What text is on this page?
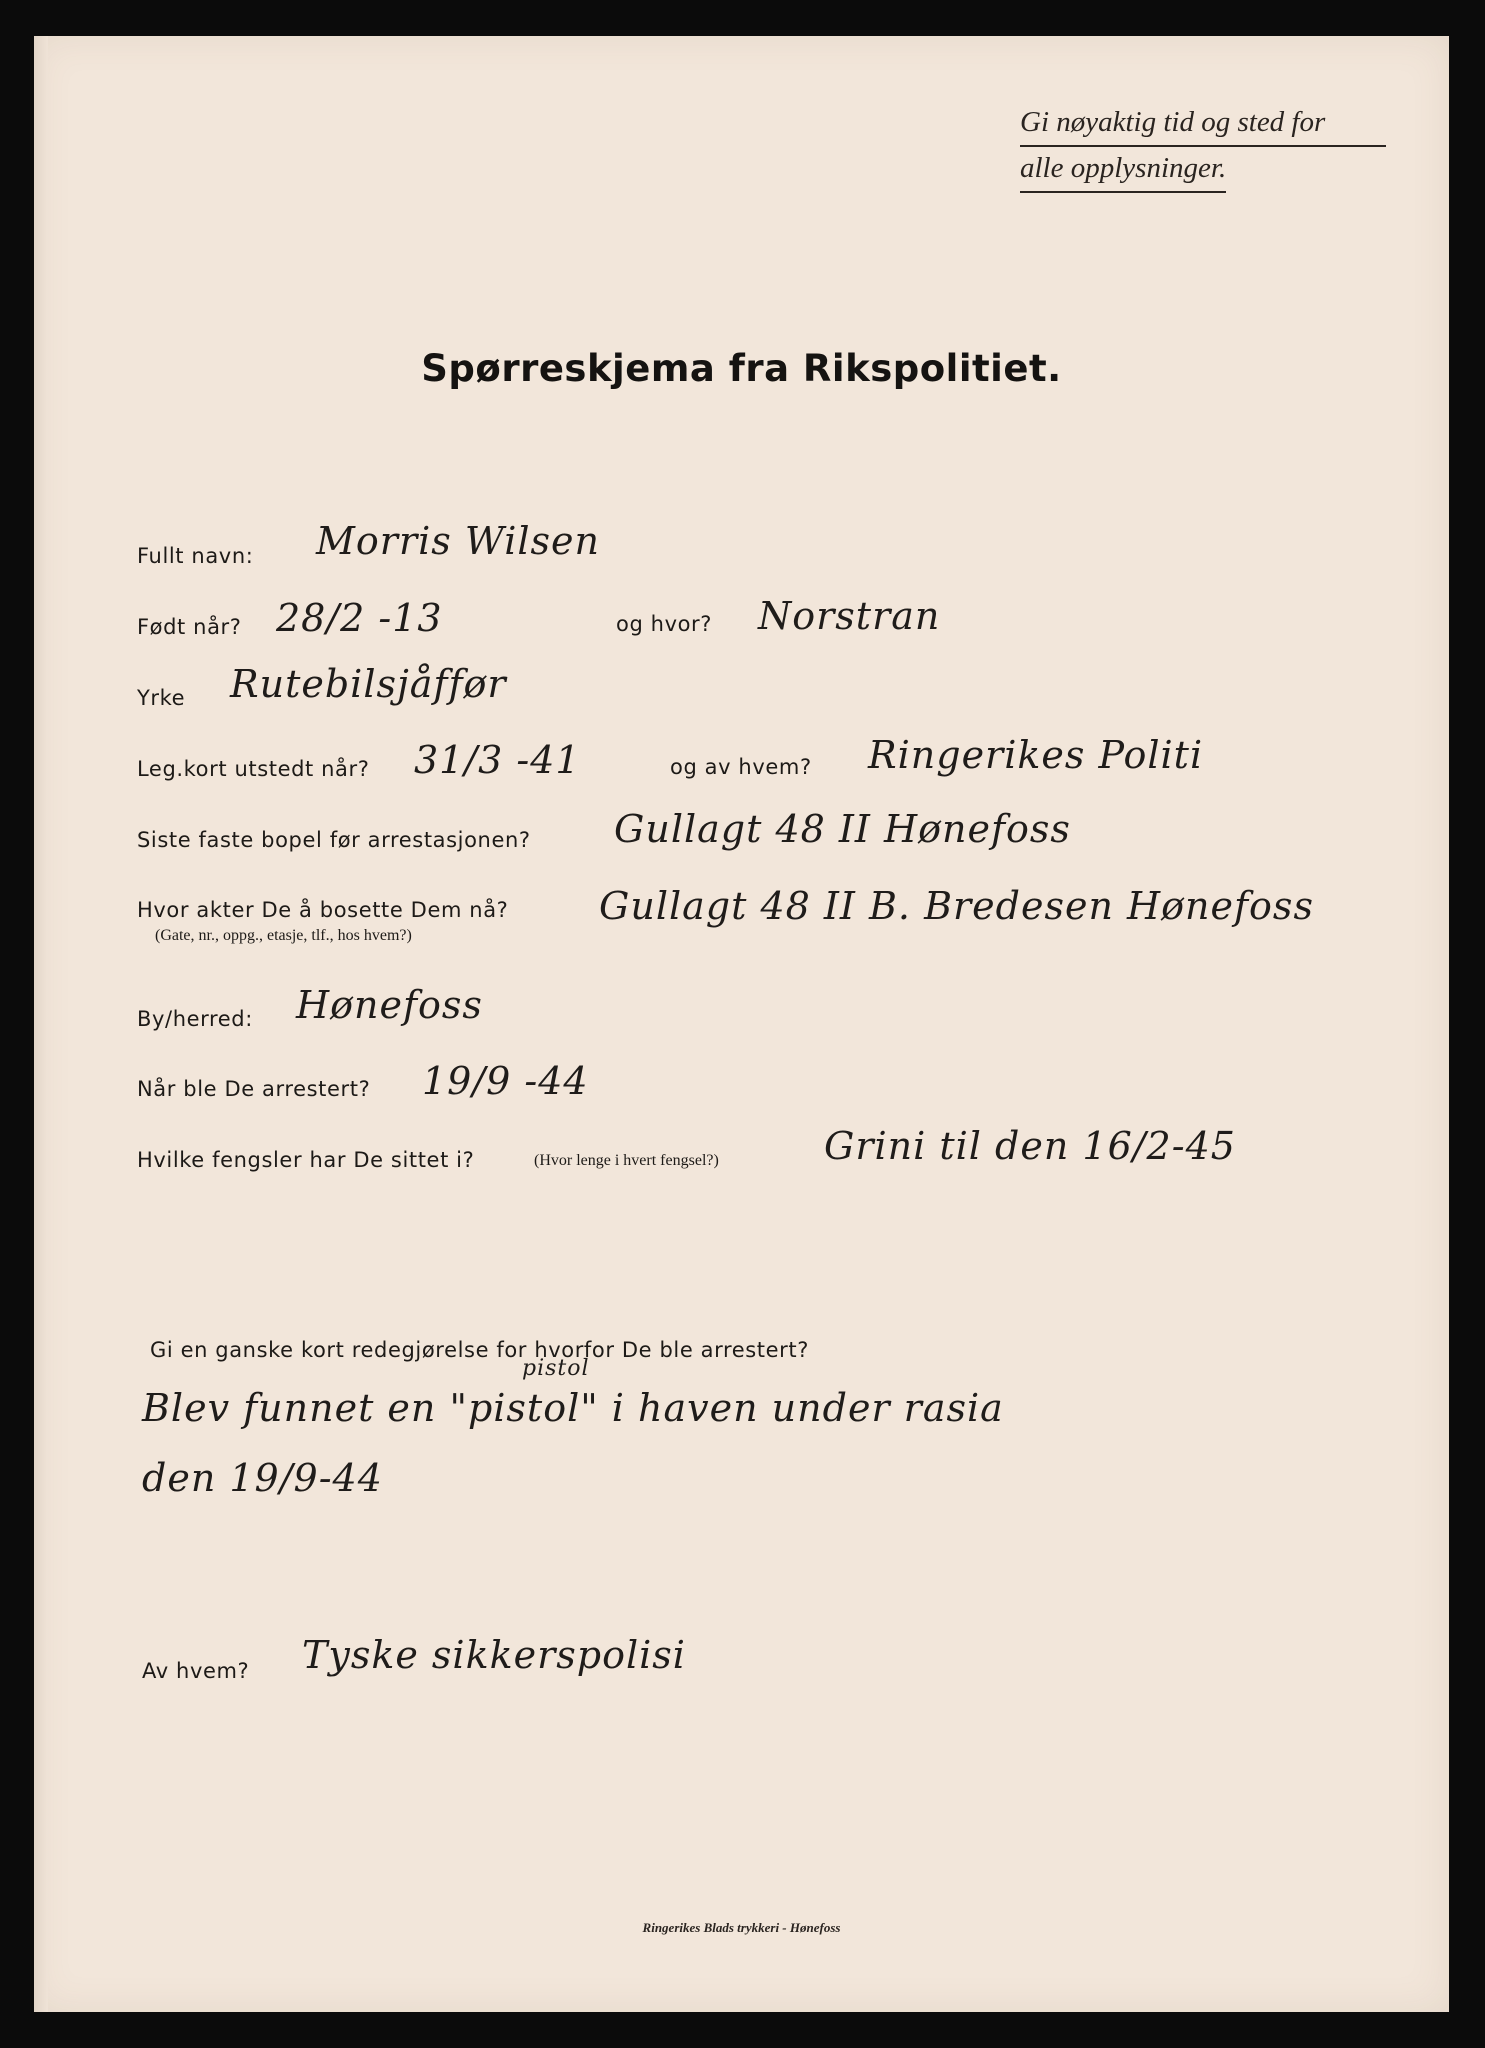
Gi nøyaktig tid og sted for
alle opplysninger.
Spørreskjema fra Rikspolitiet.
Fullt navn: Morris Wilsen
Født når? 28/2 -13	og hvor? Norstran
Yrke Rutebilsjåffør
Leg.kort utstedt når? 31/3 -41	og av hvem? Ringerikes Politi
Siste faste bopel før arrestasjonen? Gullagt 48 II Hønefoss
Hvor akter De å bosette Dem nå?
(Gate, nr., oppg., etasje, tlf., hos hvem?)
Gullagt 48 II B. Bredesen Hønefoss
By/herred: Hønefoss
Når ble De arrestert? 19/9 -44
Hvilke fengsler har De sittet i?	(Hvor lenge i hvert fengsel?)	Grini til den 16/2-45
Gi en ganske kort redegjørelse for hvorfor De ble arrestert?
pistol
Blev funnet en "pistol" i haven under rasia
den 19/9-44
Av hvem? Tyske sikkerspolisi
Ringerikes Blads trykkeri - Hønefoss
